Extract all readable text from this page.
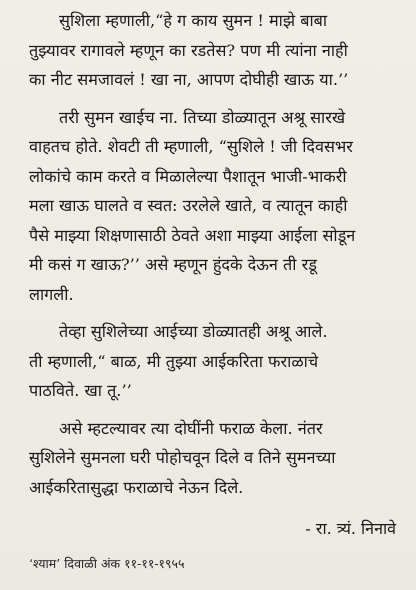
सुशिला म्हणाली,“हे ग काय सुमन ! माझे बाबा
तुझ्यावर रागावले म्हणून का रडतेस? पण मी त्यांना नाही
का नीट समजावलं ! खा ना, आपण दोघीही खाऊ या.’’

तरी सुमन खाईच ना. तिच्या डोळ्यातून अश्रू सारखे
वाहतच होते. शेवटी ती म्हणाली, “सुशिले ! जी दिवसभर
लोकांचे काम करते व मिळालेल्या पैशातून भाजी-भाकरी
मला खाऊ घालते व स्वत: उरलेले खाते, व त्यातून काही
पैसे माझ्या शिक्षणासाठी ठेवते अशा माझ्या आईला सोडून
मी कसं ग खाऊ?’’ असे म्हणून हुंदके देऊन ती रडू
लागली.

तेव्हा सुशिलेच्या आईच्या डोळ्यातही अश्रू आले.
ती म्हणाली,“ बाळ, मी तुझ्या आईकरिता फराळाचे
पाठविते. खा तू.’’

असे म्हटल्यावर त्या दोघींनी फराळ केला. नंतर
सुशिलेने सुमनला घरी पोहोचवून दिले व तिने सुमनच्या
आईकरितासुद्धा फराळाचे नेऊन दिले.

- रा. त्र्यं. निनावे
‘श्याम’ दिवाळी अंक ११-११-१९५५
